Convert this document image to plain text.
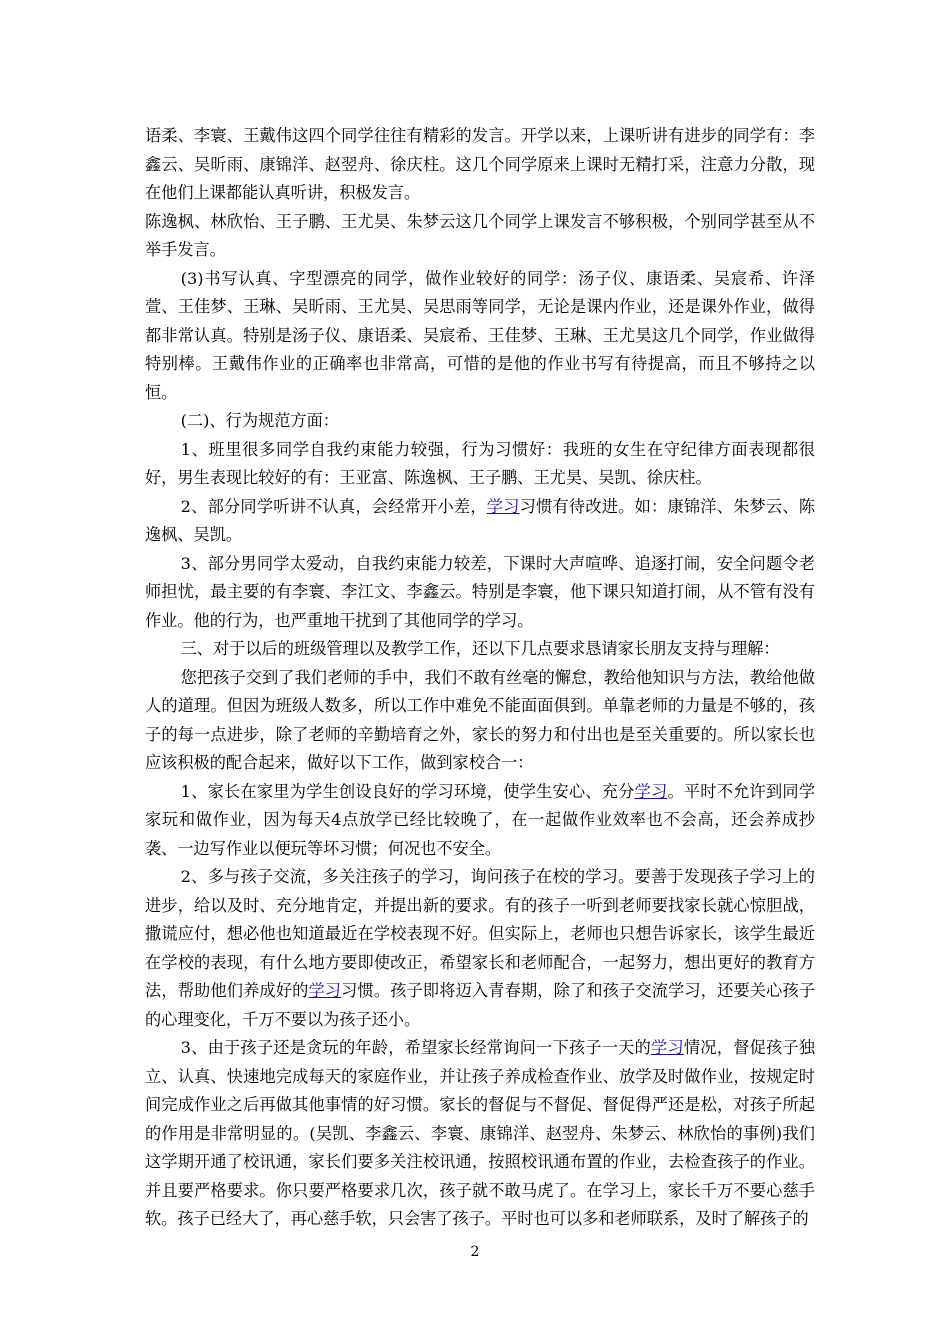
语柔、李寰、王戴伟这四个同学往往有精彩的发言。开学以来，上课听讲有进步的同学有：李鑫云、吴昕雨、康锦洋、赵翌舟、徐庆柱。这几个同学原来上课时无精打采，注意力分散，现在他们上课都能认真听讲，积极发言。

陈逸枫、林欣怡、王子鹏、王尤昊、朱梦云这几个同学上课发言不够积极，个别同学甚至从不举手发言。

(3)书写认真、字型漂亮的同学，做作业较好的同学：汤子仪、康语柔、吴宸希、许泽萱、王佳梦、王琳、吴昕雨、王尤昊、吴思雨等同学，无论是课内作业，还是课外作业，做得都非常认真。特别是汤子仪、康语柔、吴宸希、王佳梦、王琳、王尤昊这几个同学，作业做得特别棒。王戴伟作业的正确率也非常高，可惜的是他的作业书写有待提高，而且不够持之以恒。

(二)、行为规范方面：

1、班里很多同学自我约束能力较强，行为习惯好：我班的女生在守纪律方面表现都很好，男生表现比较好的有：王亚富、陈逸枫、王子鹏、王尤昊、吴凯、徐庆柱。

2、部分同学听讲不认真，会经常开小差，学习习惯有待改进。如：康锦洋、朱梦云、陈逸枫、吴凯。

3、部分男同学太爱动，自我约束能力较差，下课时大声喧哗、追逐打闹，安全问题令老师担忧，最主要的有李寰、李江文、李鑫云。特别是李寰，他下课只知道打闹，从不管有没有作业。他的行为，也严重地干扰到了其他同学的学习。

三、对于以后的班级管理以及教学工作，还以下几点要求恳请家长朋友支持与理解：

您把孩子交到了我们老师的手中，我们不敢有丝毫的懈怠，教给他知识与方法，教给他做人的道理。但因为班级人数多，所以工作中难免不能面面俱到。单靠老师的力量是不够的，孩子的每一点进步，除了老师的辛勤培育之外，家长的努力和付出也是至关重要的。所以家长也应该积极的配合起来，做好以下工作，做到家校合一：

1、家长在家里为学生创设良好的学习环境，使学生安心、充分学习。平时不允许到同学家玩和做作业，因为每天4点放学已经比较晚了，在一起做作业效率也不会高，还会养成抄袭、一边写作业以便玩等坏习惯；何况也不安全。

2、多与孩子交流，多关注孩子的学习，询问孩子在校的学习。要善于发现孩子学习上的进步，给以及时、充分地肯定，并提出新的要求。有的孩子一听到老师要找家长就心惊胆战，撒谎应付，想必他也知道最近在学校表现不好。但实际上，老师也只想告诉家长，该学生最近在学校的表现，有什么地方要即使改正，希望家长和老师配合，一起努力，想出更好的教育方法，帮助他们养成好的学习习惯。孩子即将迈入青春期，除了和孩子交流学习，还要关心孩子的心理变化，千万不要以为孩子还小。

3、由于孩子还是贪玩的年龄，希望家长经常询问一下孩子一天的学习情况，督促孩子独立、认真、快速地完成每天的家庭作业，并让孩子养成检查作业、放学及时做作业，按规定时间完成作业之后再做其他事情的好习惯。家长的督促与不督促、督促得严还是松，对孩子所起的作用是非常明显的。(吴凯、李鑫云、李寰、康锦洋、赵翌舟、朱梦云、林欣怡的事例)我们这学期开通了校讯通，家长们要多关注校讯通，按照校讯通布置的作业，去检查孩子的作业。并且要严格要求。你只要严格要求几次，孩子就不敢马虎了。在学习上，家长千万不要心慈手软。孩子已经大了，再心慈手软，只会害了孩子。平时也可以多和老师联系，及时了解孩子的

2
